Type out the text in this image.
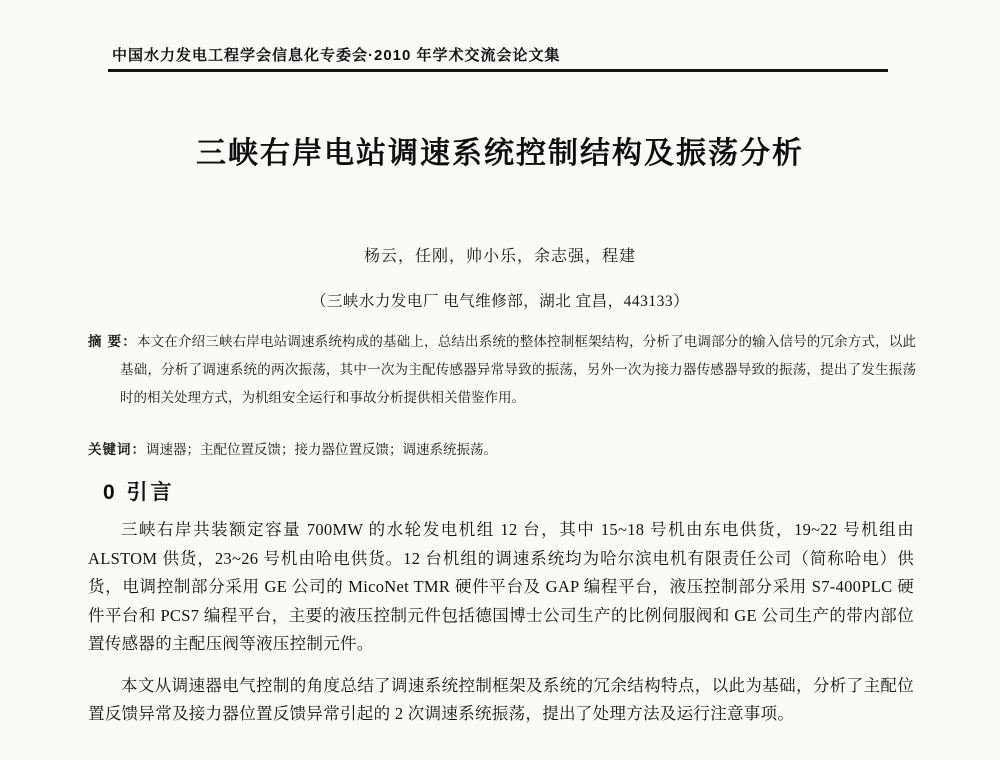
中国水力发电工程学会信息化专委会·2010 年学术交流会论文集
三峡右岸电站调速系统控制结构及振荡分析
杨云，任刚，帅小乐，余志强，程建
（三峡水力发电厂 电气维修部，湖北 宜昌，443133）
摘 要：本文在介绍三峡右岸电站调速系统构成的基础上，总结出系统的整体控制框架结构，分析了电调部分的输入信号的冗余方式，以此基础，分析了调速系统的两次振荡，其中一次为主配传感器异常导致的振荡，另外一次为接力器传感器导致的振荡，提出了发生振荡时的相关处理方式，为机组安全运行和事故分析提供相关借鉴作用。
关键词：调速器；主配位置反馈；接力器位置反馈；调速系统振荡。
0 引言

三峡右岸共装额定容量 700MW 的水轮发电机组 12 台，其中 15~18 号机由东电供货，19~22 号机组由 ALSTOM 供货，23~26 号机由哈电供货。12 台机组的调速系统均为哈尔滨电机有限责任公司（简称哈电）供货，电调控制部分采用 GE 公司的 MicoNet TMR 硬件平台及 GAP 编程平台，液压控制部分采用 S7-400PLC 硬件平台和 PCS7 编程平台，主要的液压控制元件包括德国博士公司生产的比例伺服阀和 GE 公司生产的带内部位置传感器的主配压阀等液压控制元件。

本文从调速器电气控制的角度总结了调速系统控制框架及系统的冗余结构特点，以此为基础，分析了主配位置反馈异常及接力器位置反馈异常引起的 2 次调速系统振荡，提出了处理方法及运行注意事项。
